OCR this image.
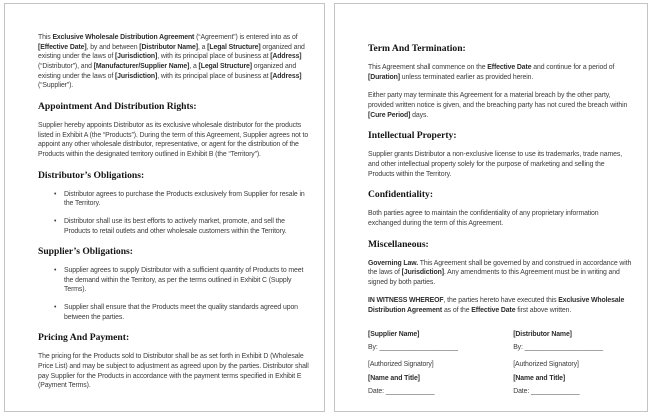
This Exclusive Wholesale Distribution Agreement (“Agreement”) is entered into as of [Effective Date], by and between [Distributor Name], a [Legal Structure] organized and existing under the laws of [Jurisdiction], with its principal place of business at [Address] (“Distributor”), and [Manufacturer/Supplier Name], a [Legal Structure] organized and existing under the laws of [Jurisdiction], with its principal place of business at [Address] (“Supplier”).

Appointment And Distribution Rights:

Supplier hereby appoints Distributor as its exclusive wholesale distributor for the products listed in Exhibit A (the “Products”). During the term of this Agreement, Supplier agrees not to appoint any other wholesale distributor, representative, or agent for the distribution of the Products within the designated territory outlined in Exhibit B (the “Territory”).

Distributor’s Obligations:
• Distributor agrees to purchase the Products exclusively from Supplier for resale in the Territory.
• Distributor shall use its best efforts to actively market, promote, and sell the Products to retail outlets and other wholesale customers within the Territory.
Supplier’s Obligations:
• Supplier agrees to supply Distributor with a sufficient quantity of Products to meet the demand within the Territory, as per the terms outlined in Exhibit C (Supply Terms).
• Supplier shall ensure that the Products meet the quality standards agreed upon between the parties.
Pricing And Payment:

The pricing for the Products sold to Distributor shall be as set forth in Exhibit D (Wholesale Price List) and may be subject to adjustment as agreed upon by the parties. Distributor shall pay Supplier for the Products in accordance with the payment terms specified in Exhibit E (Payment Terms).

Term And Termination:

This Agreement shall commence on the Effective Date and continue for a period of [Duration] unless terminated earlier as provided herein.

Either party may terminate this Agreement for a material breach by the other party, provided written notice is given, and the breaching party has not cured the breach within [Cure Period] days.

Intellectual Property:

Supplier grants Distributor a non-exclusive license to use its trademarks, trade names, and other intellectual property solely for the purpose of marketing and selling the Products within the Territory.

Confidentiality:

Both parties agree to maintain the confidentiality of any proprietary information exchanged during the term of this Agreement.

Miscellaneous:

Governing Law. This Agreement shall be governed by and construed in accordance with the laws of [Jurisdiction]. Any amendments to this Agreement must be in writing and signed by both parties.

IN WITNESS WHEREOF, the parties hereto have executed this Exclusive Wholesale Distribution Agreement as of the Effective Date first above written.

[Supplier Name]
By: _____________________
[Authorized Signatory]
[Name and Title]
Date: _____________
[Distributor Name]
By: _____________________
[Authorized Signatory]
[Name and Title]
Date: _____________
